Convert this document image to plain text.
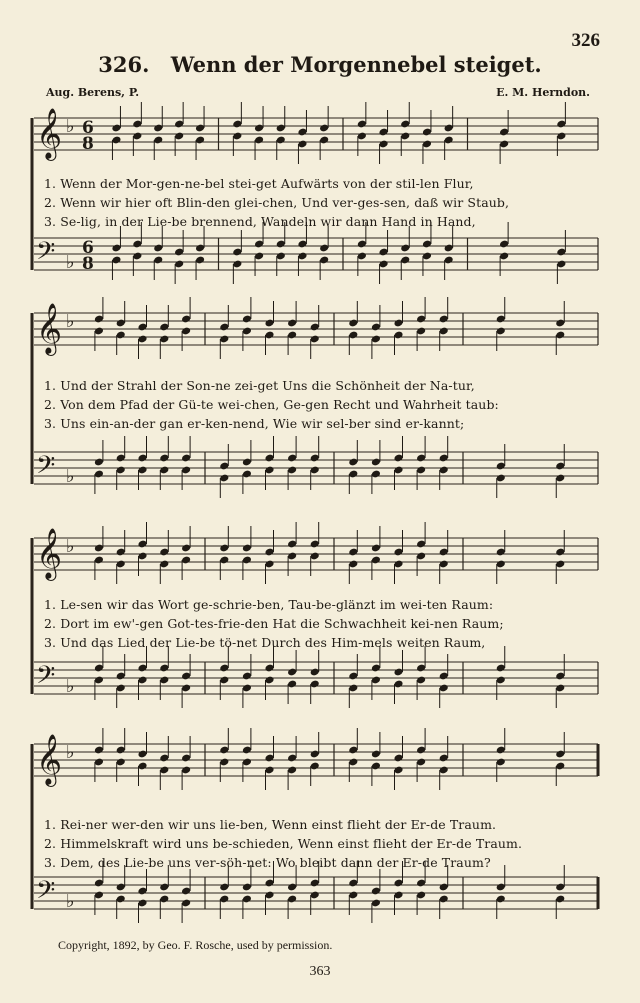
326
326. Wenn der Morgennebel steiget.
Aug. Berens, P.	E. M. Herndon.
𝄞
𝄢
♭
♭
6
8
6
8
1. Wenn der Mor-gen-ne-bel stei-get Aufwärts von der stil-len Flur,
2. Wenn wir hier oft Blin-den glei-chen, Und ver-ges-sen, daß wir Staub,
3. Se-lig, in der Lie-be brennend, Wandeln wir dann Hand in Hand,
𝄞
𝄢
♭
♭
1. Und der Strahl der Son-ne zei-get Uns die Schönheit der Na-tur,
2. Von dem Pfad der Gü-te wei-chen, Ge-gen Recht und Wahrheit taub:
3. Uns ein-an-der gan er-ken-nend, Wie wir sel-ber sind er-kannt;
𝄞
𝄢
♭
♭
1. Le-sen wir das Wort ge-schrie-ben, Tau-be-glänzt im wei-ten Raum:
2. Dort im ew'-gen Got-tes-frie-den Hat die Schwachheit kei-nen Raum;
3. Und das Lied der Lie-be tö-net Durch des Him-mels weiten Raum,
𝄞
𝄢
♭
♭
1. Rei-ner wer-den wir uns lie-ben, Wenn einst flieht der Er-de Traum.
2. Himmelskraft wird uns be-schieden, Wenn einst flieht der Er-de Traum.
3. Dem, des Lie-be uns ver-söh-net: Wo bleibt dann der Er-de Traum?
Copyright, 1892, by Geo. F. Rosche, used by permission.
363
